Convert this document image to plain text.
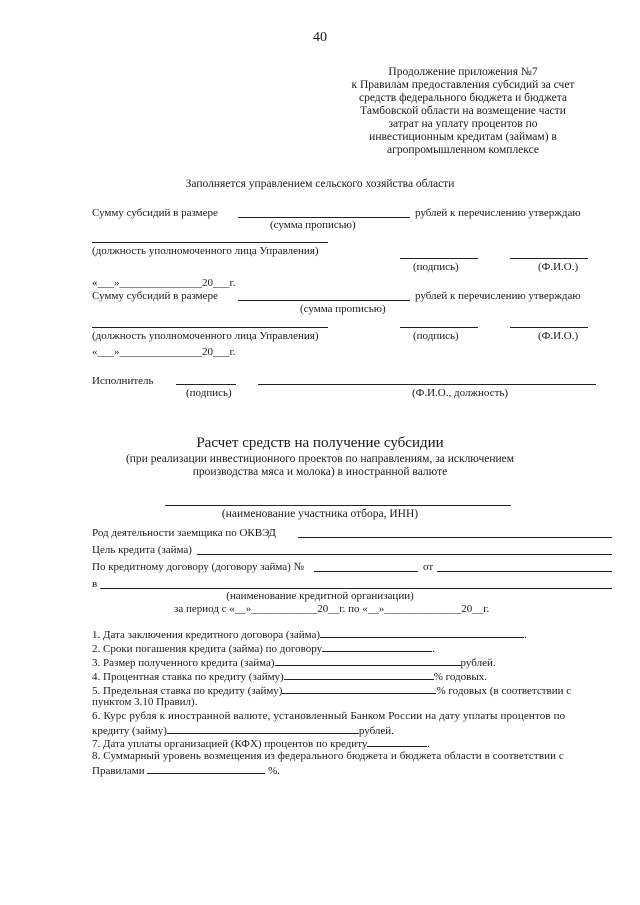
40
Продолжение приложения №7
к Правилам предоставления субсидий за счет
средств федерального бюджета и бюджета
Тамбовской области на возмещение части
затрат на уплату процентов по
инвестиционным кредитам (займам) в
агропромышленном комплексе
Заполняется управлением сельского хозяйства области
Сумму субсидий в размере	рублей к перечислению утверждаю
(сумма прописью)
(должность уполномоченного лица Управления)
(подпись)	(Ф.И.О.)
«___»_______________20___г.
Сумму субсидий в размере	рублей к перечислению утверждаю
(сумма прописью)
(должность уполномоченного лица Управления)	(подпись)	(Ф.И.О.)
«___»_______________20___г.
Исполнитель
(подпись)	(Ф.И.О., должность)
Расчет средств на получение субсидии
(при реализации инвестиционного проектов по направлениям, за исключением
производства мяса и молока) в иностранной валюте
(наименование участника отбора, ИНН)
Род деятельности заемщика по ОКВЭД
Цель кредита (займа)
По кредитному договору (договору займа) №	от
в
(наименование кредитной организации)
за период с «__»____________20__г. по «__»______________20__г.
1. Дата заключения кредитного договора (займа)	.
2. Сроки погашения кредита (займа) по договору	.
3. Размер полученного кредита (займа)	рублей.
4. Процентная ставка по кредиту (займу)	% годовых.
5. Предельная ставка по кредиту (займу)	% годовых (в соответствии с
пунктом 3.10 Правил).
6. Курс рубля к иностранной валюте, установленный Банком России на дату уплаты процентов по
кредиту (займу)	рублей.
7. Дата уплаты организацией (КФХ) процентов по кредиту	.
8. Суммарный уровень возмещения из федерального бюджета и бюджета области в соответствии с
Правилами	%.
